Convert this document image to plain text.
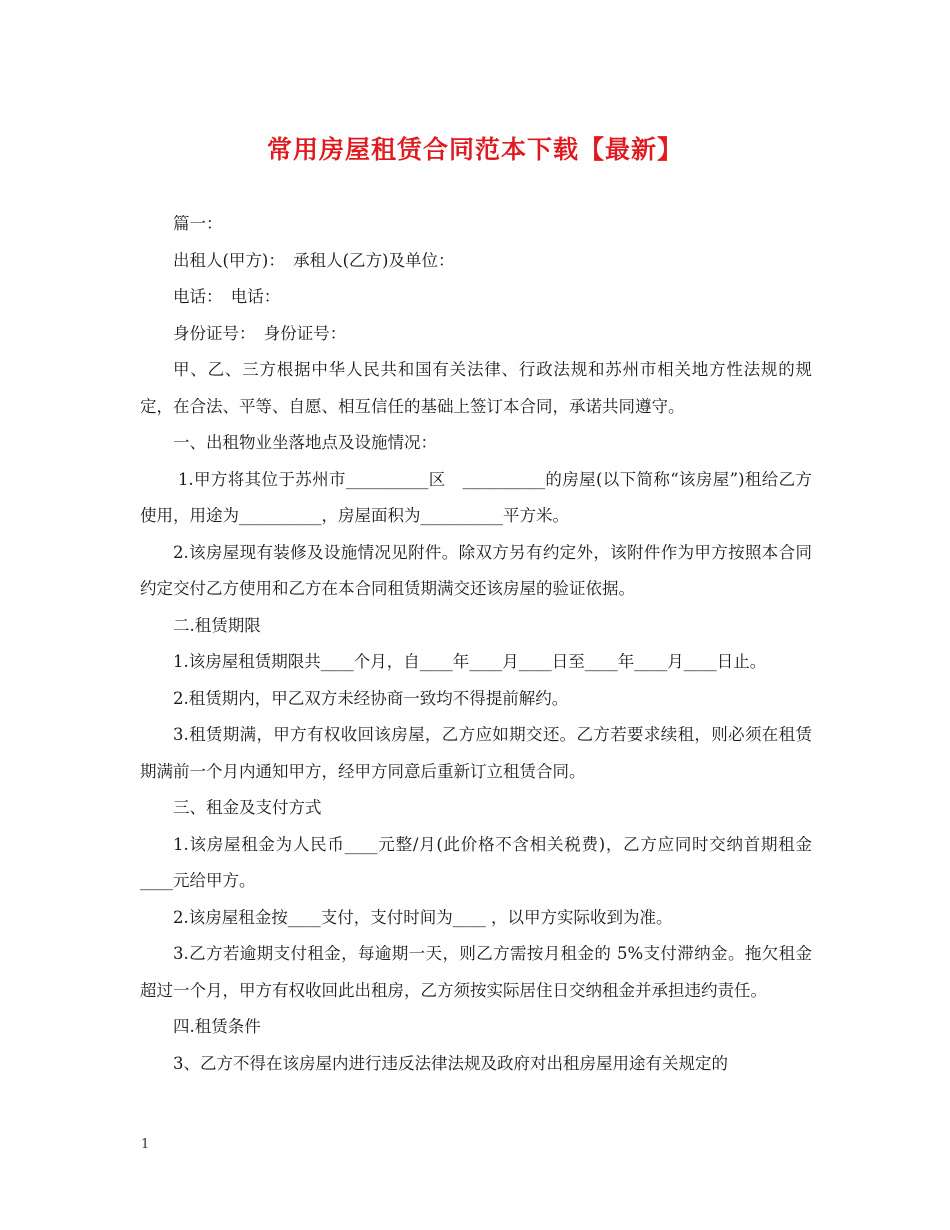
常用房屋租赁合同范本下载【最新】

篇一：

出租人(甲方)：　承租人(乙方)及单位：

电话：　电话：

身份证号：　身份证号：

甲、乙、三方根据中华人民共和国有关法律、行政法规和苏州市相关地方性法规的规定，在合法、平等、自愿、相互信任的基础上签订本合同，承诺共同遵守。

一、出租物业坐落地点及设施情况：

1.甲方将其位于苏州市__________区　__________的房屋(以下简称“该房屋”)租给乙方使用，用途为__________，房屋面积为__________平方米。

2.该房屋现有装修及设施情况见附件。除双方另有约定外，该附件作为甲方按照本合同约定交付乙方使用和乙方在本合同租赁期满交还该房屋的验证依据。

二.租赁期限

1.该房屋租赁期限共____个月，自____年____月____日至____年____月____日止。

2.租赁期内，甲乙双方未经协商一致均不得提前解约。

3.租赁期满，甲方有权收回该房屋，乙方应如期交还。乙方若要求续租，则必须在租赁期满前一个月内通知甲方，经甲方同意后重新订立租赁合同。

三、租金及支付方式

1.该房屋租金为人民币____元整/月(此价格不含相关税费)，乙方应同时交纳首期租金____元给甲方。

2.该房屋租金按____支付，支付时间为____ ，以甲方实际收到为准。

3.乙方若逾期支付租金，每逾期一天，则乙方需按月租金的 5%支付滞纳金。拖欠租金超过一个月，甲方有权收回此出租房，乙方须按实际居住日交纳租金并承担违约责任。

四.租赁条件

3、乙方不得在该房屋内进行违反法律法规及政府对出租房屋用途有关规定的

1
